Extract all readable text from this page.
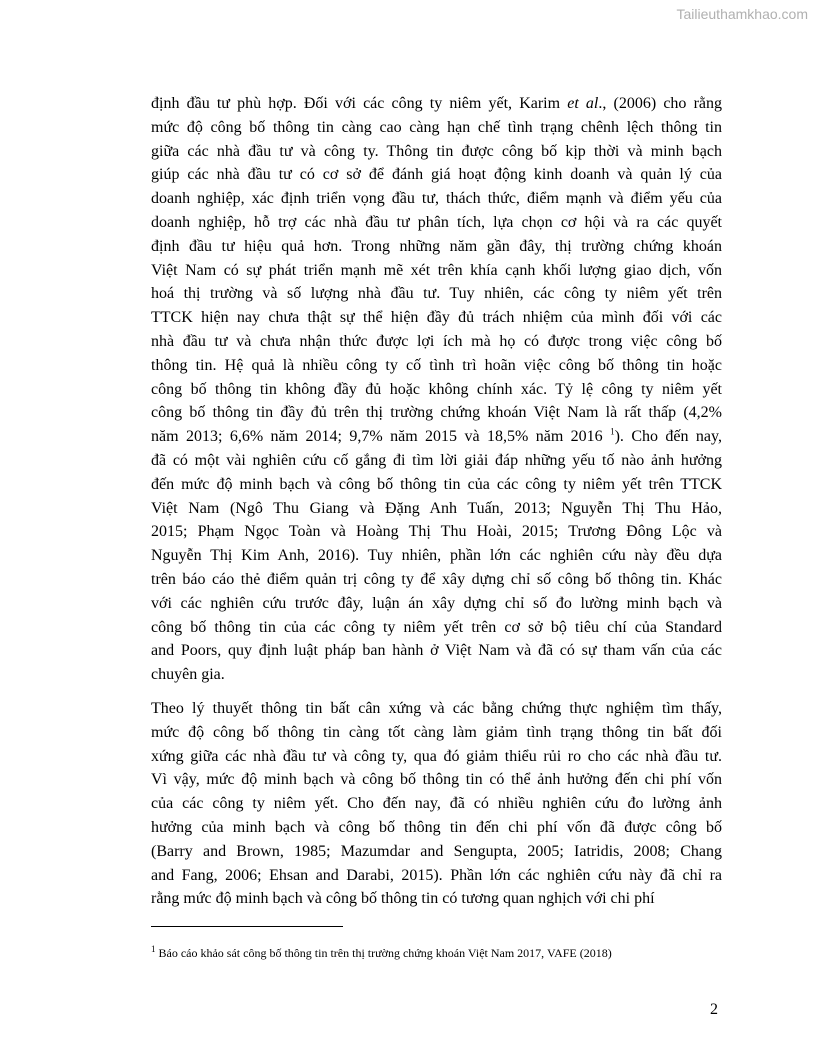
Tailieuthamkhao.com
định đầu tư phù hợp. Đối với các công ty niêm yết, Karim et al., (2006) cho rằng
mức độ công bố thông tin càng cao càng hạn chế tình trạng chênh lệch thông tin
giữa các nhà đầu tư và công ty. Thông tin được công bố kịp thời và minh bạch
giúp các nhà đầu tư có cơ sở để đánh giá hoạt động kinh doanh và quản lý của
doanh nghiệp, xác định triển vọng đầu tư, thách thức, điểm mạnh và điểm yếu của
doanh nghiệp, hỗ trợ các nhà đầu tư phân tích, lựa chọn cơ hội và ra các quyết
định đầu tư hiệu quả hơn. Trong những năm gần đây, thị trường chứng khoán
Việt Nam có sự phát triển mạnh mẽ xét trên khía cạnh khối lượng giao dịch, vốn
hoá thị trường và số lượng nhà đầu tư. Tuy nhiên, các công ty niêm yết trên
TTCK hiện nay chưa thật sự thể hiện đầy đủ trách nhiệm của mình đối với các
nhà đầu tư và chưa nhận thức được lợi ích mà họ có được trong việc công bố
thông tin. Hệ quả là nhiều công ty cố tình trì hoãn việc công bố thông tin hoặc
công bố thông tin không đầy đủ hoặc không chính xác. Tỷ lệ công ty niêm yết
công bố thông tin đầy đủ trên thị trường chứng khoán Việt Nam là rất thấp (4,2%
năm 2013; 6,6% năm 2014; 9,7% năm 2015 và 18,5% năm 2016 $^1$). Cho đến nay,
đã có một vài nghiên cứu cố gắng đi tìm lời giải đáp những yếu tố nào ảnh hưởng
đến mức độ minh bạch và công bố thông tin của các công ty niêm yết trên TTCK
Việt Nam (Ngô Thu Giang và Đặng Anh Tuấn, 2013; Nguyễn Thị Thu Hảo,
2015; Phạm Ngọc Toàn và Hoàng Thị Thu Hoài, 2015; Trương Đông Lộc và
Nguyễn Thị Kim Anh, 2016). Tuy nhiên, phần lớn các nghiên cứu này đều dựa
trên báo cáo thẻ điểm quản trị công ty để xây dựng chỉ số công bố thông tin. Khác
với các nghiên cứu trước đây, luận án xây dựng chỉ số đo lường minh bạch và
công bố thông tin của các công ty niêm yết trên cơ sở bộ tiêu chí của Standard
and Poors, quy định luật pháp ban hành ở Việt Nam và đã có sự tham vấn của các
chuyên gia.
Theo lý thuyết thông tin bất cân xứng và các bằng chứng thực nghiệm tìm thấy,
mức độ công bố thông tin càng tốt càng làm giảm tình trạng thông tin bất đối
xứng giữa các nhà đầu tư và công ty, qua đó giảm thiểu rủi ro cho các nhà đầu tư.
Vì vậy, mức độ minh bạch và công bố thông tin có thể ảnh hưởng đến chi phí vốn
của các công ty niêm yết. Cho đến nay, đã có nhiều nghiên cứu đo lường ảnh
hưởng của minh bạch và công bố thông tin đến chi phí vốn đã được công bố
(Barry and Brown, 1985; Mazumdar and Sengupta, 2005; Iatridis, 2008; Chang
and Fang, 2006; Ehsan and Darabi, 2015). Phần lớn các nghiên cứu này đã chỉ ra
rằng mức độ minh bạch và công bố thông tin có tương quan nghịch với chi phí
$^1$ Báo cáo khảo sát công bố thông tin trên thị trường chứng khoán Việt Nam 2017, VAFE (2018)
2
